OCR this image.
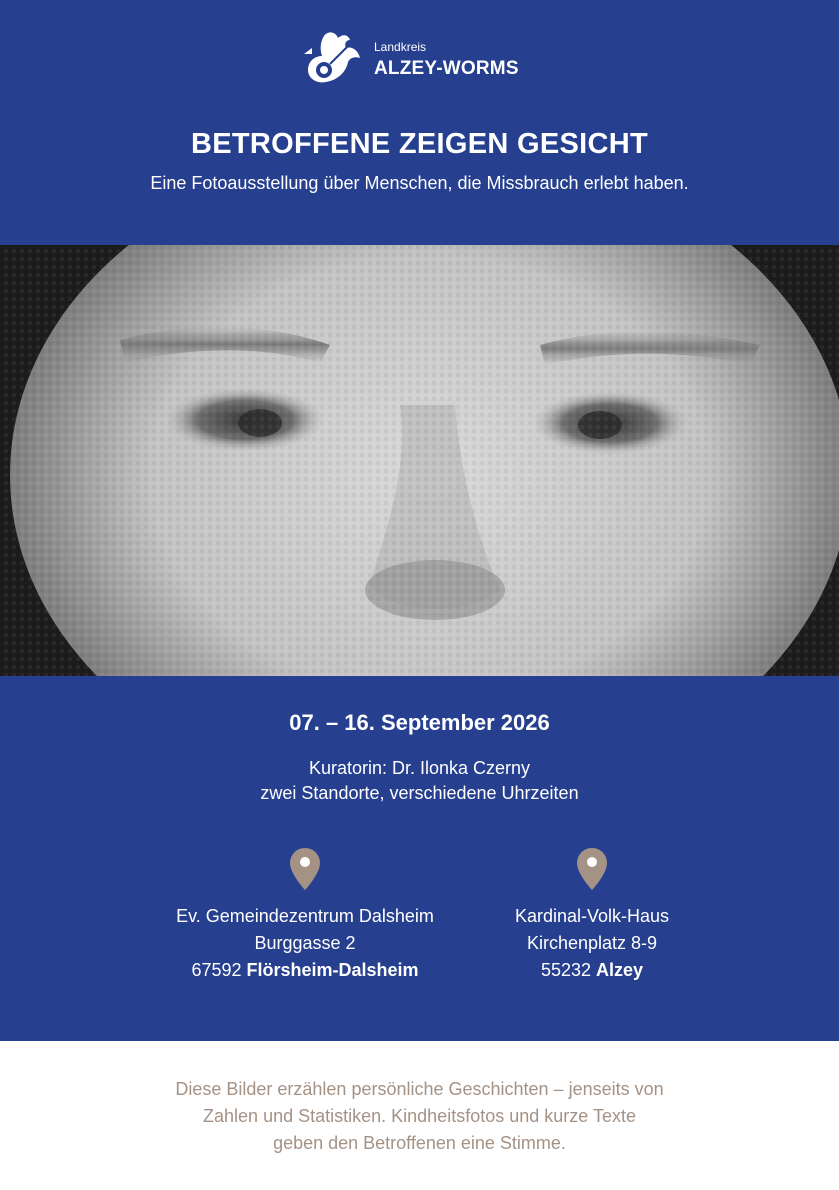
Landkreis
ALZEY-WORMS
BETROFFENE ZEIGEN GESICHT
Eine Fotoausstellung über Menschen, die Missbrauch erlebt haben.
07. – 16. September 2026
Kuratorin: Dr. Ilonka Czerny
zwei Standorte, verschiedene Uhrzeiten
Ev. Gemeindezentrum Dalsheim
Burggasse 2
67592 Flörsheim-Dalsheim
Kardinal-Volk-Haus
Kirchenplatz 8-9
55232 Alzey
Diese Bilder erzählen persönliche Geschichten – jenseits von
Zahlen und Statistiken. Kindheitsfotos und kurze Texte
geben den Betroffenen eine Stimme.
